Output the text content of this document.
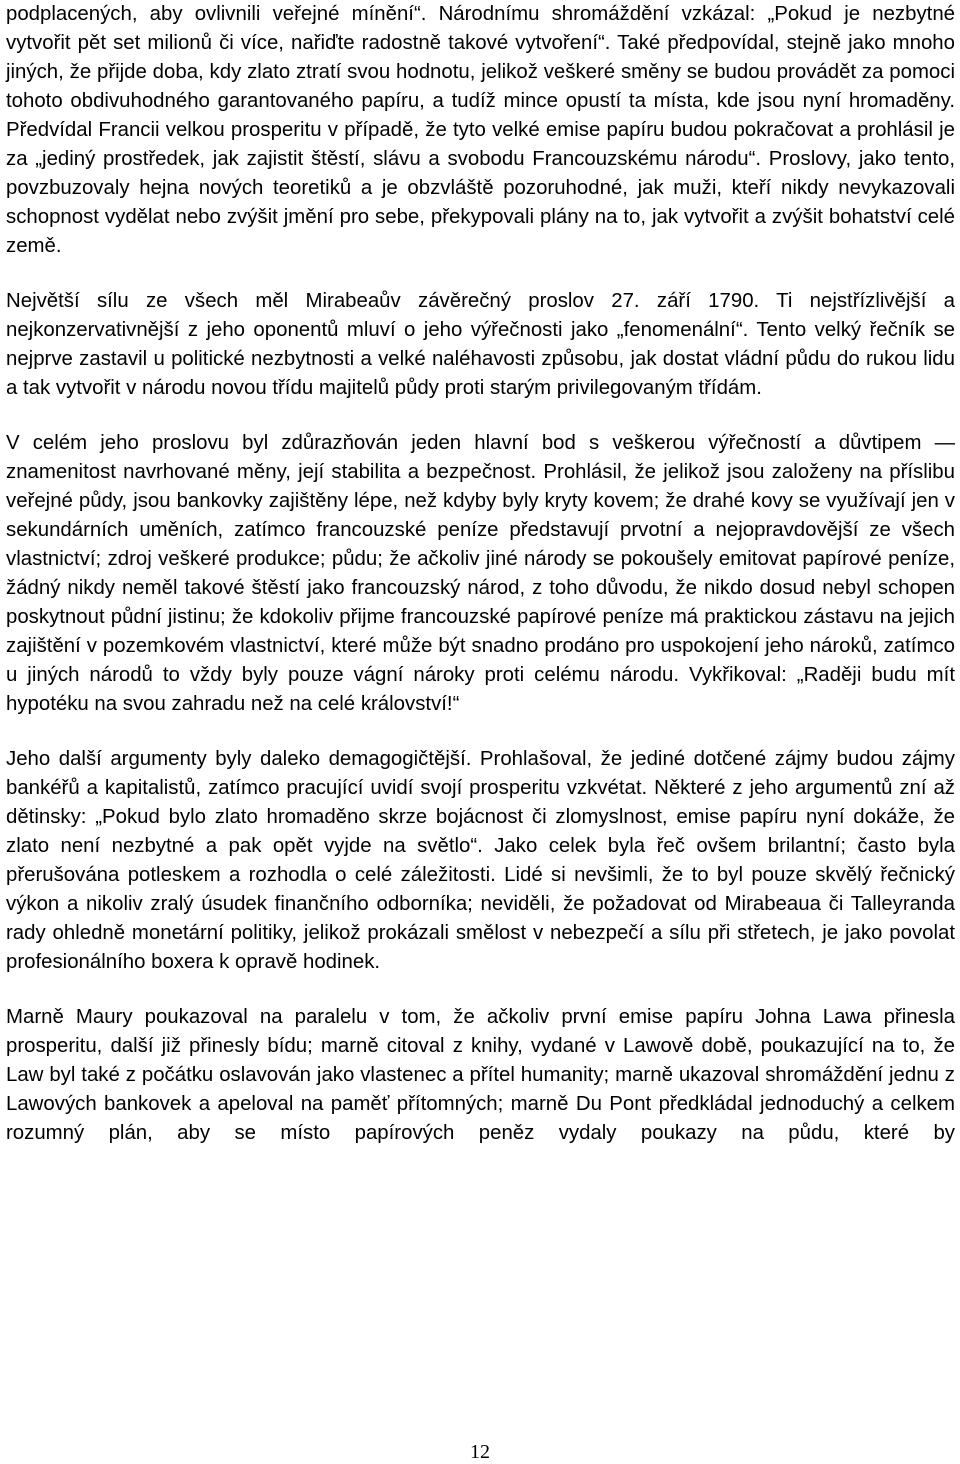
podplacených, aby ovlivnili veřejné mínění“. Národnímu shromáždění vzkázal: „Pokud je nezbytné vytvořit pět set milionů či více, nařiďte radostně takové vytvoření“. Také předpovídal, stejně jako mnoho jiných, že přijde doba, kdy zlato ztratí svou hodnotu, jelikož veškeré směny se budou provádět za pomoci tohoto obdivuhodného garantovaného papíru, a tudíž mince opustí ta místa, kde jsou nyní hromaděny. Předvídal Francii velkou prosperitu v případě, že tyto velké emise papíru budou pokračovat a prohlásil je za „jediný prostředek, jak zajistit štěstí, slávu a svobodu Francouzskému národu“. Proslovy, jako tento, povzbuzovaly hejna nových teoretiků a je obzvláště pozoruhodné, jak muži, kteří nikdy nevykazovali schopnost vydělat nebo zvýšit jmění pro sebe, překypovali plány na to, jak vytvořit a zvýšit bohatství celé země.

Největší sílu ze všech měl Mirabeaův závěrečný proslov 27. září 1790. Ti nejstřízlivější a nejkonzervativnější z jeho oponentů mluví o jeho výřečnosti jako „fenomenální“. Tento velký řečník se nejprve zastavil u politické nezbytnosti a velké naléhavosti způsobu, jak dostat vládní půdu do rukou lidu a tak vytvořit v národu novou třídu majitelů půdy proti starým privilegovaným třídám.

V celém jeho proslovu byl zdůrazňován jeden hlavní bod s veškerou výřečností a důvtipem — znamenitost navrhované měny, její stabilita a bezpečnost. Prohlásil, že jelikož jsou založeny na příslibu veřejné půdy, jsou bankovky zajištěny lépe, než kdyby byly kryty kovem; že drahé kovy se využívají jen v sekundárních uměních, zatímco francouzské peníze představují prvotní a nejopravdovější ze všech vlastnictví; zdroj veškeré produkce; půdu; že ačkoliv jiné národy se pokoušely emitovat papírové peníze, žádný nikdy neměl takové štěstí jako francouzský národ, z toho důvodu, že nikdo dosud nebyl schopen poskytnout půdní jistinu; že kdokoliv přijme francouzské papírové peníze má praktickou zástavu na jejich zajištění v pozemkovém vlastnictví, které může být snadno prodáno pro uspokojení jeho nároků, zatímco u jiných národů to vždy byly pouze vágní nároky proti celému národu. Vykřikoval: „Raději budu mít hypotéku na svou zahradu než na celé království!“

Jeho další argumenty byly daleko demagogičtější. Prohlašoval, že jediné dotčené zájmy budou zájmy bankéřů a kapitalistů, zatímco pracující uvidí svojí prosperitu vzkvétat. Některé z jeho argumentů zní až dětinsky: „Pokud bylo zlato hromaděno skrze bojácnost či zlomyslnost, emise papíru nyní dokáže, že zlato není nezbytné a pak opět vyjde na světlo“. Jako celek byla řeč ovšem brilantní; často byla přerušována potleskem a rozhodla o celé záležitosti. Lidé si nevšimli, že to byl pouze skvělý řečnický výkon a nikoliv zralý úsudek finančního odborníka; neviděli, že požadovat od Mirabeaua či Talleyranda rady ohledně monetární politiky, jelikož prokázali smělost v nebezpečí a sílu při střetech, je jako povolat profesionálního boxera k opravě hodinek.

Marně Maury poukazoval na paralelu v tom, že ačkoliv první emise papíru Johna Lawa přinesla prosperitu, další již přinesly bídu; marně citoval z knihy, vydané v Lawově době, poukazující na to, že Law byl také z počátku oslavován jako vlastenec a přítel humanity; marně ukazoval shromáždění jednu z Lawových bankovek a apeloval na paměť přítomných; marně Du Pont předkládal jednoduchý a celkem rozumný plán, aby se místo papírových peněz vydaly poukazy na půdu, které by

12
